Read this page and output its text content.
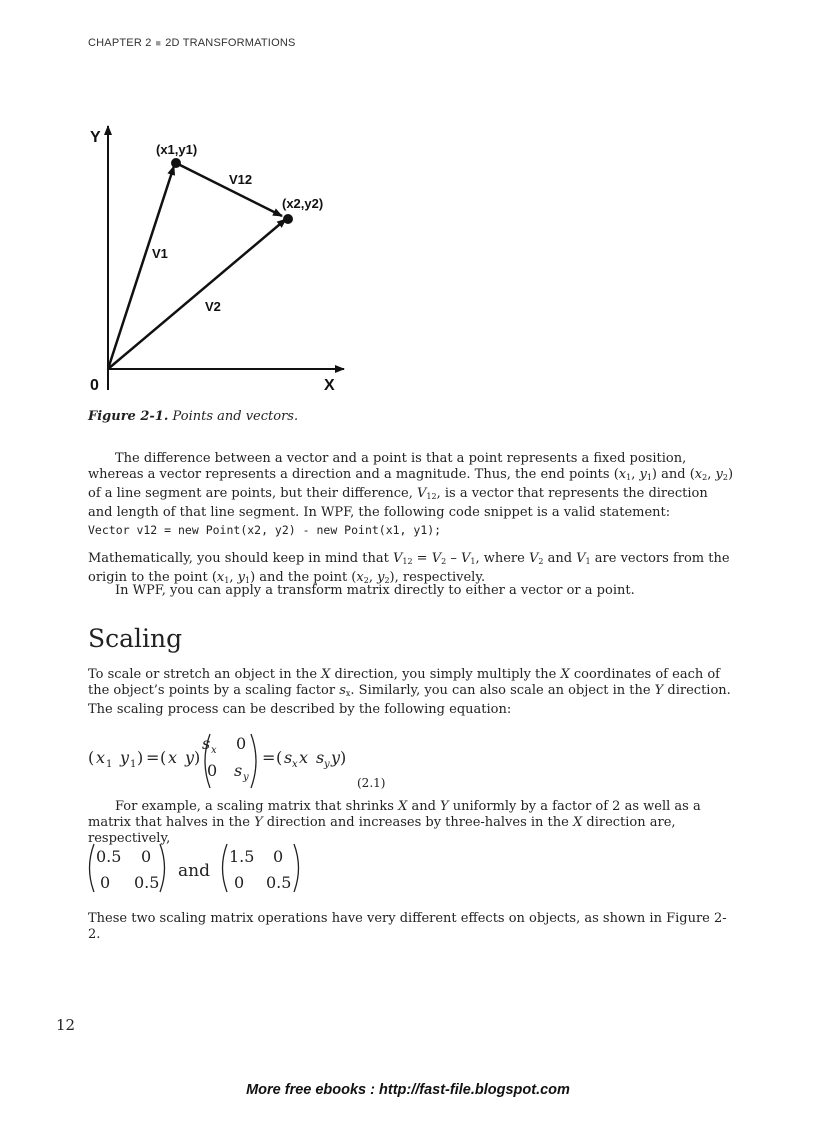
CHAPTER 2 ■ 2D TRANSFORMATIONS
Y
X
0
(x1,y1)
(x2,y2)
V12
V1
V2
Figure 2-1. Points and vectors.
The difference between a vector and a point is that a point represents a fixed position, whereas a vector represents a direction and a magnitude. Thus, the end points ($x_1$, $y_1$) and ($x_2$, $y_2$) of a line segment are points, but their difference, $V_{12}$, is a vector that represents the direction and length of that line segment. In WPF, the following code snippet is a valid statement:
Vector v12 = new Point(x2, y2) - new Point(x1, y1);
Mathematically, you should keep in mind that $V_{12} = V_2 - V_1$, where $V_2$ and $V_1$ are vectors from the origin to the point ($x_1$, $y_1$) and the point ($x_2$, $y_2$), respectively.
In WPF, you can apply a transform matrix directly to either a vector or a point.
Scaling
To scale or stretch an object in the X direction, you simply multiply the X coordinates of each of the object’s points by a scaling factor $s_x$. Similarly, you can also scale an object in the Y direction. The scaling process can be described by the following equation:
( x 1 y 1 ) = ( x y )
s x 0
0 s y
= ( s x x s y y )
(2.1)
For example, a scaling matrix that shrinks X and Y uniformly by a factor of 2 as well as a matrix that halves in the Y direction and increases by three-halves in the X direction are, respectively,
0.5 0
0 0.5
and
1.5 0
0 0.5
These two scaling matrix operations have very different effects on objects, as shown in Figure 2-2.
12
More free ebooks : http://fast-file.blogspot.com
